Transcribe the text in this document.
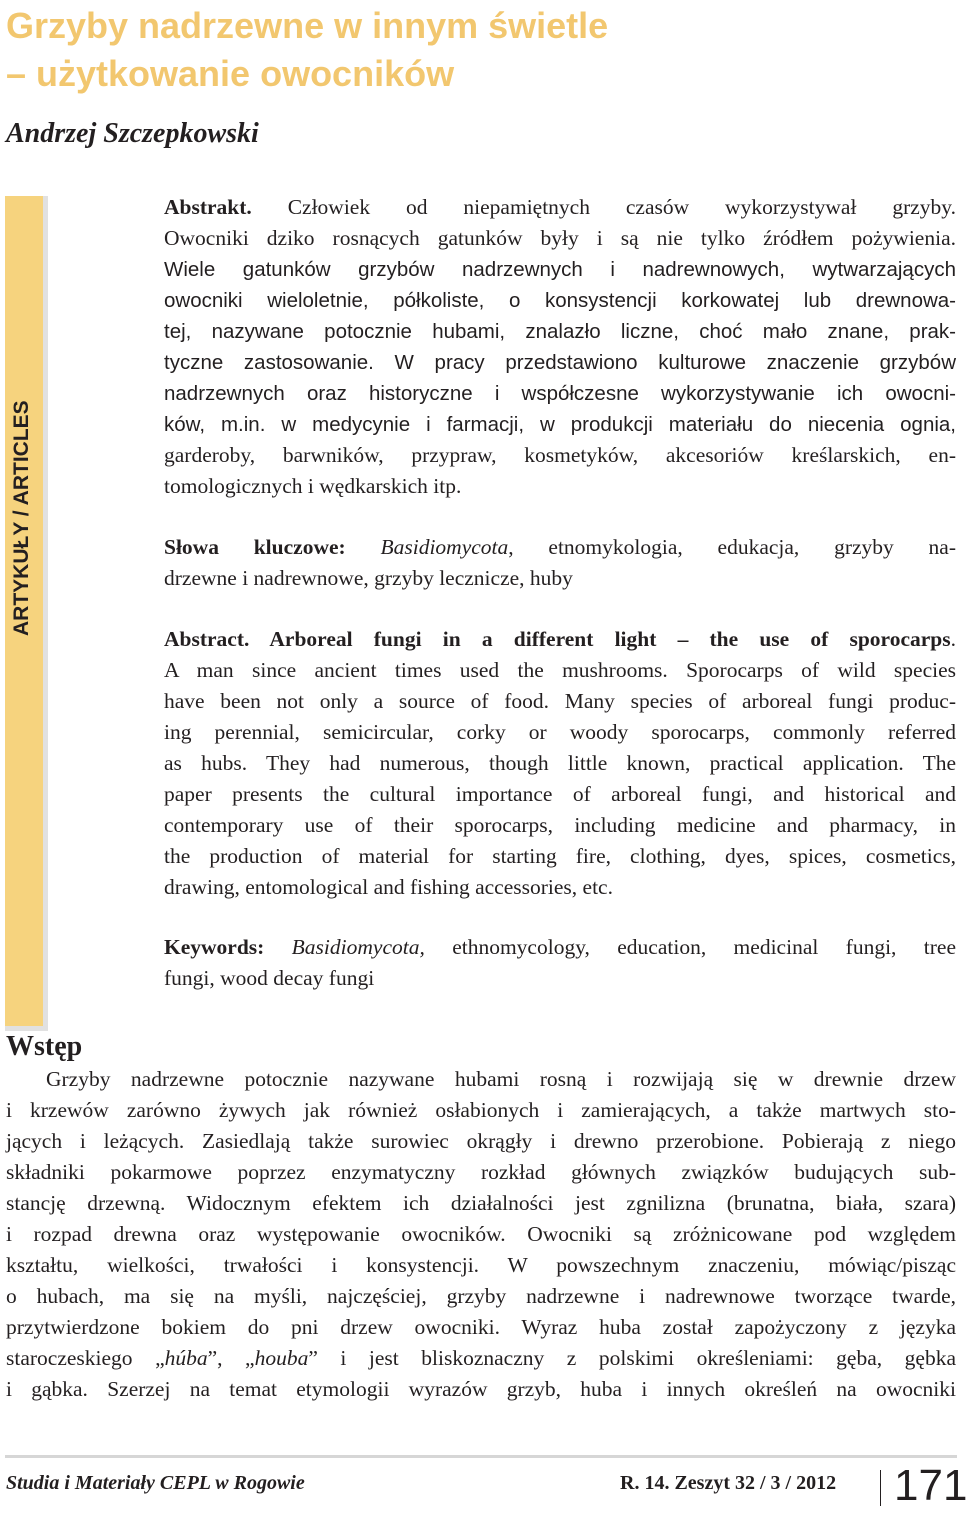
Grzyby nadrzewne w innym świetle
– użytkowanie owocników
Andrzej Szczepkowski
ARTYKUŁY / ARTICLES
Abstrakt. Człowiek od niepamiętnych czasów wykorzystywał grzyby.
Owocniki dziko rosnących gatunków były i są nie tylko źródłem pożywienia.
Wiele gatunków grzybów nadrzewnych i nadrewnowych, wytwarzających
owocniki wieloletnie, półkoliste, o konsystencji korkowatej lub drewnowa-
tej, nazywane potocznie hubami, znalazło liczne, choć mało znane, prak-
tyczne zastosowanie. W pracy przedstawiono kulturowe znaczenie grzybów
nadrzewnych oraz historyczne i współczesne wykorzystywanie ich owocni-
ków, m.in. w medycynie i farmacji, w produkcji materiału do niecenia ognia,
garderoby, barwników, przypraw, kosmetyków, akcesoriów kreślarskich, en-
tomologicznych i wędkarskich itp.
Słowa kluczowe: Basidiomycota, etnomykologia, edukacja, grzyby na-
drzewne i nadrewnowe, grzyby lecznicze, huby
Abstract. Arboreal fungi in a different light – the use of sporocarps.
A man since ancient times used the mushrooms. Sporocarps of wild species
have been not only a source of food. Many species of arboreal fungi produc-
ing perennial, semicircular, corky or woody sporocarps, commonly referred
as hubs. They had numerous, though little known, practical application. The
paper presents the cultural importance of arboreal fungi, and historical and
contemporary use of their sporocarps, including medicine and pharmacy, in
the production of material for starting fire, clothing, dyes, spices, cosmetics,
drawing, entomological and fishing accessories, etc.
Keywords: Basidiomycota, ethnomycology, education, medicinal fungi, tree
fungi, wood decay fungi
Wstęp
Grzyby nadrzewne potocznie nazywane hubami rosną i rozwijają się w drewnie drzew
i krzewów zarówno żywych jak również osłabionych i zamierających, a także martwych sto-
jących i leżących. Zasiedlają także surowiec okrągły i drewno przerobione. Pobierają z niego
składniki pokarmowe poprzez enzymatyczny rozkład głównych związków budujących sub-
stancję drzewną. Widocznym efektem ich działalności jest zgnilizna (brunatna, biała, szara)
i rozpad drewna oraz występowanie owocników. Owocniki są zróżnicowane pod względem
kształtu, wielkości, trwałości i konsystencji. W powszechnym znaczeniu, mówiąc/pisząc
o hubach, ma się na myśli, najczęściej, grzyby nadrzewne i nadrewnowe tworzące twarde,
przytwierdzone bokiem do pni drzew owocniki. Wyraz huba został zapożyczony z języka
staroczeskiego „húba”, „houba” i jest bliskoznaczny z polskimi określeniami: gęba, gębka
i gąbka. Szerzej na temat etymologii wyrazów grzyb, huba i innych określeń na owocniki
Studia i Materiały CEPL w Rogowie	R. 14. Zeszyt 32 / 3 / 2012 171
